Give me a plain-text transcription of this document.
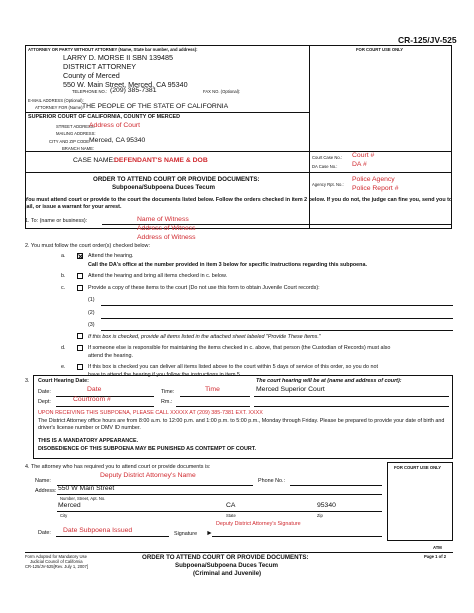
CR-125/JV-525
ATTORNEY OR PARTY WITHOUT ATTORNEY (Name, State bar number, and address):	FOR COURT USE ONLY
LARRY D. MORSE II SBN 139485
DISTRICT ATTORNEY
County of Merced
550 W. Main Street, Merced, CA 95340
TELEPHONE NO.: (209) 385-7381	FAX NO. (Optional):
E-MAIL ADDRESS (Optional):
ATTORNEY FOR (Name):
THE PEOPLE OF THE STATE OF CALIFORNIA
SUPERIOR COURT OF CALIFORNIA, COUNTY OF MERCED
STREET ADDRESS:
Address of Court
MAILING ADDRESS:
CITY AND ZIP CODE:
Merced, CA 95340
BRANCH NAME:
CASE NAME: DEFENDANT'S NAME & DOB	Court Case No.: Court #
DA Case No.: DA #
ORDER TO ATTEND COURT OR PROVIDE DOCUMENTS:
Subpoena/Subpoena Duces Tecum	Agency Rpt. No.:
Police Agency
Police Report #
You must attend court or provide to the court the documents listed below. Follow the orders checked in item 2 below. If you do not, the judge can fine you, send you to jail, or issue a warrant for your arrest.
1. To: (name or business):	Name of Witness
Address of Witness
Address of Witness
2. You must follow the court order(s) checked below:
a.	Attend the hearing.
Call the DA's office at the number provided in item 3 below for specific instructions regarding this subpoena.
b.	Attend the hearing and bring all items checked in c. below.
c.	Provide a copy of these items to the court (Do not use this form to obtain Juvenile Court records):
(1)
(2)
(3)
If this box is checked, provide all items listed in the attached sheet labeled "Provide These Items."
d.	If someone else is responsible for maintaining the items checked in c. above, that person (the Custodian of Records) must also
attend the hearing.
e.	If this box is checked you can deliver all items listed above to the court within 5 days of service of this order, so you do not
have to attend the hearing if you follow the instructions in item 5.
3. Court Hearing Date:	The court hearing will be at (name and address of court):
Date:	Date	Time:	Time	Merced Superior Court
Dept:	Courtroom #	Rm.:
UPON RECEIVING THIS SUBPOENA, PLEASE CALL XXXXX AT (209) 385-7381 EXT. XXXX
The District Attorney office hours are from 8:00 a.m. to 12:00 p.m. and 1:00 p.m. to 5:00 p.m., Monday through Friday. Please be prepared to provide your date of birth and driver's license number or DMV ID number.
THIS IS A MANDATORY APPEARANCE.
DISOBEDIENCE OF THIS SUBPOENA MAY BE PUNISHED AS CONTEMPT OF COURT.
4. The attorney who has required you to attend court or provide documents is:	FOR COURT USE ONLY
Name:
Deputy District Attorney's Name
Phone No.:
Address: 550 W Main Street
Number, Street, Apt. No.
Merced	CA	95340
City	State	Zip
Date: Date Subpoena Issued	Signature ►
Deputy District Attorney's Signature
ATM
Form Adopted for Mandatory Use
Judicial Council of California
CR-125/JV-525[Rev. July 1, 2007]
ORDER TO ATTEND COURT OR PROVIDE DOCUMENTS:
Subpoena/Subpoena Duces Tecum
(Criminal and Juvenile)
Page 1 of 2
